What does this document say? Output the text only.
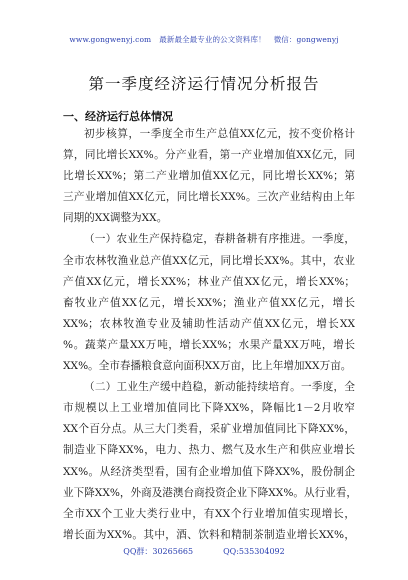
www.gongwenyj.com 最新最全最专业的公文资料库！ 微信：gongwenyj
第一季度经济运行情况分析报告
一、经济运行总体情况
初步核算，一季度全市生产总值XX亿元，按不变价格计
算，同比增长XX%。分产业看，第一产业增加值XX亿元，同
比增长XX%；第二产业增加值XX亿元，同比增长XX%；第
三产业增加值XX亿元，同比增长XX%。三次产业结构由上年
同期的XX调整为XX。
（一）农业生产保持稳定，春耕备耕有序推进。一季度，
全市农林牧渔业总产值XX亿元，同比增长XX%。其中，农业
产值XX亿元，增长XX%；林业产值XX亿元，增长XX%；
畜牧业产值XX亿元，增长XX%；渔业产值XX亿元，增长
XX%；农林牧渔专业及辅助性活动产值XX亿元，增长XX
%。蔬菜产量XX万吨，增长XX%；水果产量XX万吨，增长
XX%。全市春播粮食意向面积XX万亩，比上年增加XX万亩。
（二）工业生产缓中趋稳，新动能持续培育。一季度，全
市规模以上工业增加值同比下降XX%，降幅比1－2月收窄
XX个百分点。从三大门类看，采矿业增加值同比下降XX%，
制造业下降XX%，电力、热力、燃气及水生产和供应业增长
XX%。从经济类型看，国有企业增加值下降XX%，股份制企
业下降XX%，外商及港澳台商投资企业下降XX%。从行业看，
全市XX个工业大类行业中，有XX个行业增加值实现增长，
增长面为XX%。其中，酒、饮料和精制茶制造业增长XX%，
QQ群：30265665	QQ:535304092
